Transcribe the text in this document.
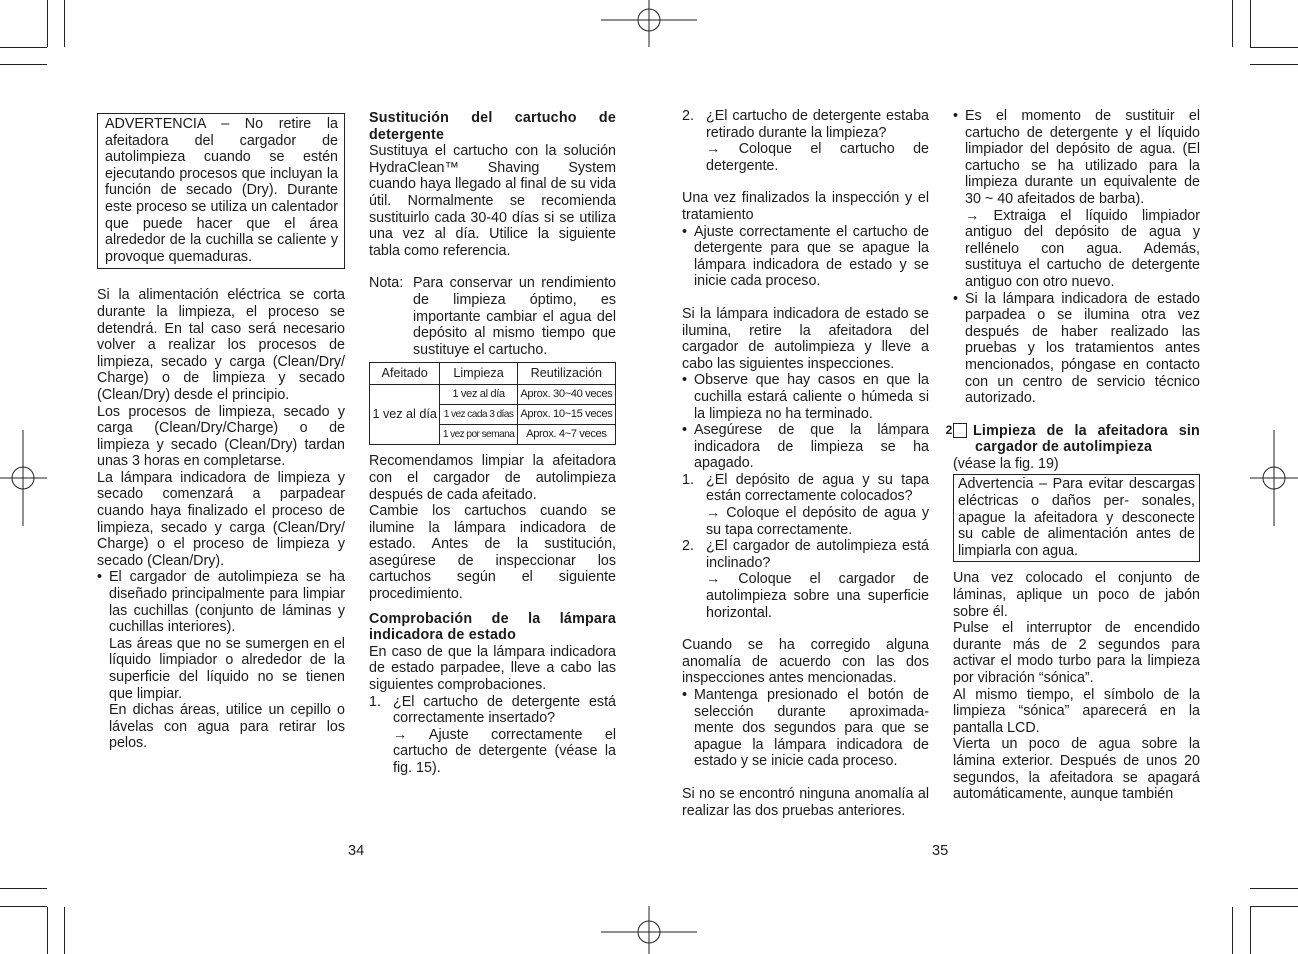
ADVERTENCIA – No retire la afeitadora del cargador de autolimpieza cuando se estén ejecutando procesos que incluyan la función de secado (Dry). Durante este proceso se utiliza un calentador que puede hacer que el área alrededor de la cuchilla se caliente y provoque quemaduras.

Si la alimentación eléctrica se corta durante la limpieza, el proceso se detendrá. En tal caso será necesario volver a realizar los procesos de limpieza, secado y carga (Clean/Dry/ Charge) o de limpieza y secado (Clean/Dry) desde el principio.

Los procesos de limpieza, secado y carga (Clean/Dry/Charge) o de limpieza y secado (Clean/Dry) tardan unas 3 horas en completarse.

La lámpara indicadora de limpieza y secado comenzará a parpadear cuando haya finalizado el proceso de limpieza, secado y carga (Clean/Dry/ Charge) o el proceso de limpieza y secado (Clean/Dry).

• El cargador de autolimpieza se ha diseñado principalmente para limpiar las cuchillas (conjunto de láminas y cuchillas interiores).

Las áreas que no se sumergen en el líquido limpiador o alrededor de la superficie del líquido no se tienen que limpiar.

En dichas áreas, utilice un cepillo o lávelas con agua para retirar los pelos.

Sustitución del cartucho de detergente

Sustituya el cartucho con la solución HydraClean™ Shaving System cuando haya llegado al final de su vida útil. Normalmente se recomienda sustituirlo cada 30-40 días si se utiliza una vez al día. Utilice la siguiente tabla como referencia.

Nota: Para conservar un rendimiento de limpieza óptimo, es importante cambiar el agua del depósito al mismo tiempo que sustituye el cartucho.
Afeitado	Limpieza	Reutilización
1 vez al día	1 vez al día	Aprox. 30~40 veces
	1 vez cada 3 días	Aprox. 10~15 veces
	1 vez por semana	Aprox. 4~7 veces

Recomendamos limpiar la afeitadora con el cargador de autolimpieza después de cada afeitado.

Cambie los cartuchos cuando se ilumine la lámpara indicadora de estado. Antes de la sustitución, asegúrese de inspeccionar los cartuchos según el siguiente procedimiento.

Comprobación de la lámpara indicadora de estado

En caso de que la lámpara indicadora de estado parpadee, lleve a cabo las siguientes comprobaciones.

1. ¿El cartucho de detergente está correctamente insertado?

→ Ajuste correctamente el cartucho de detergente (véase la fig. 15).

34
2. ¿El cartucho de detergente estaba retirado durante la limpieza?

→ Coloque el cartucho de detergente.

Una vez finalizados la inspección y el tratamiento

• Ajuste correctamente el cartucho de detergente para que se apague la lámpara indicadora de estado y se inicie cada proceso.

Si la lámpara indicadora de estado se ilumina, retire la afeitadora del cargador de autolimpieza y lleve a cabo las siguientes inspecciones.

• Observe que hay casos en que la cuchilla estará caliente o húmeda si la limpieza no ha terminado.

• Asegúrese de que la lámpara indicadora de limpieza se ha apagado.

1. ¿El depósito de agua y su tapa están correctamente colocados?

→ Coloque el depósito de agua y su tapa correctamente.

2. ¿El cargador de autolimpieza está inclinado?

→ Coloque el cargador de autolimpieza sobre una superficie horizontal.

Cuando se ha corregido alguna anomalía de acuerdo con las dos inspecciones antes mencionadas.

• Mantenga presionado el botón de selección durante aproximada- mente dos segundos para que se apague la lámpara indicadora de estado y se inicie cada proceso.

Si no se encontró ninguna anomalía al realizar las dos pruebas anteriores.

35

• Es el momento de sustituir el cartucho de detergente y el líquido limpiador del depósito de agua. (El cartucho se ha utilizado para la limpieza durante un equivalente de 30 ~ 40 afeitados de barba).

→ Extraiga el líquido limpiador antiguo del depósito de agua y rellénelo con agua. Además, sustituya el cartucho de detergente antiguo con otro nuevo.

• Si la lámpara indicadora de estado parpadea o se ilumina otra vez después de haber realizado las pruebas y los tratamientos antes mencionados, póngase en contacto con un centro de servicio técnico autorizado.

2 Limpieza de la afeitadora sin cargador de autolimpieza

(véase la fig. 19)

Advertencia – Para evitar descargas eléctricas o daños per- sonales, apague la afeitadora y desconecte su cable de alimentación antes de limpiarla con agua.

Una vez colocado el conjunto de láminas, aplique un poco de jabón sobre él.

Pulse el interruptor de encendido durante más de 2 segundos para activar el modo turbo para la limpieza por vibración “sónica”.

Al mismo tiempo, el símbolo de la limpieza “sónica” aparecerá en la pantalla LCD.

Vierta un poco de agua sobre la lámina exterior. Después de unos 20 segundos, la afeitadora se apagará automáticamente, aunque también
